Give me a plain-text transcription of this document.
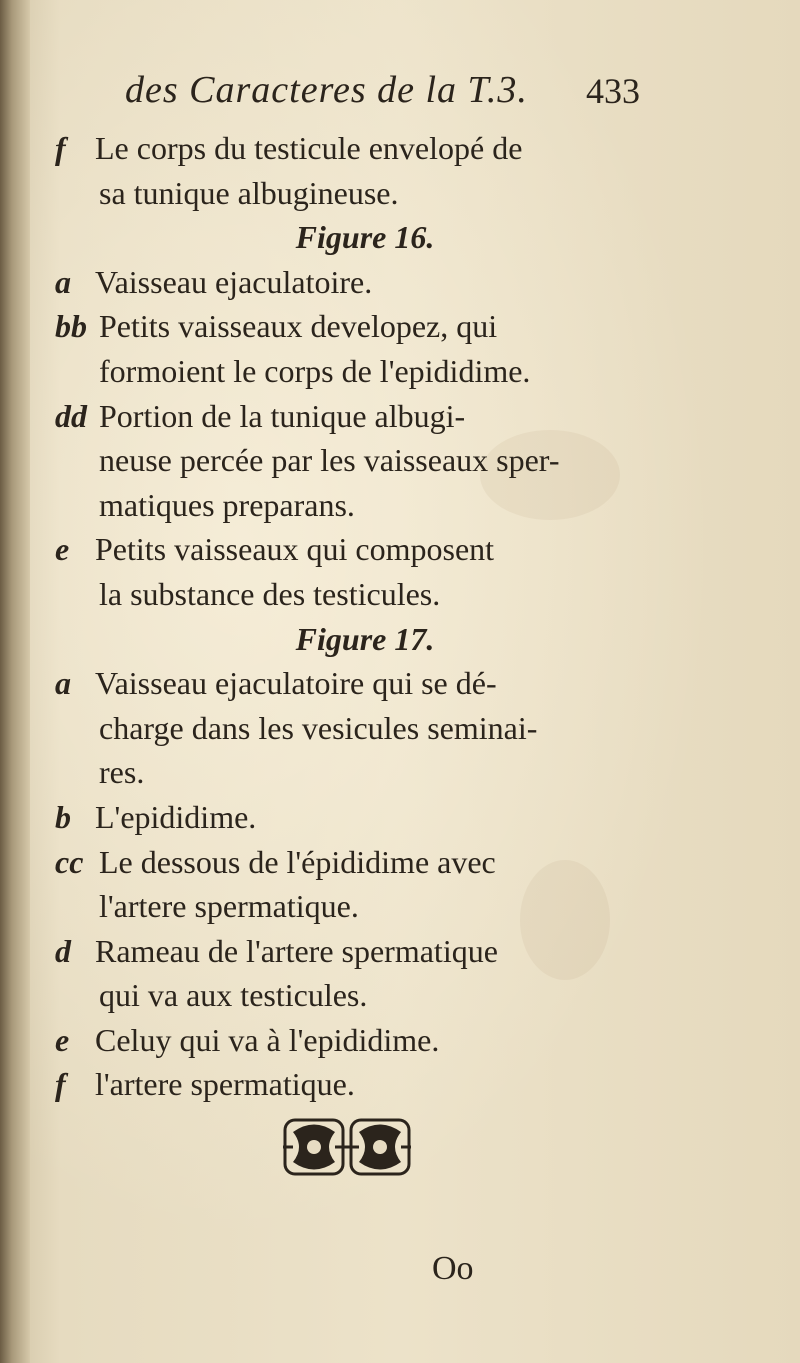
des Caracteres de la T.3. 433
f Le corps du testicule envelopé de
sa tunique albugineuse.
Figure 16.
a Vaisseau ejaculatoire.
bb Petits vaisseaux developez, qui
formoient le corps de l'epididime.
dd Portion de la tunique albugi-
neuse percée par les vaisseaux sper-
matiques preparans.
e Petits vaisseaux qui composent
la substance des testicules.
Figure 17.
a Vaisseau ejaculatoire qui se dé-
charge dans les vesicules seminai-
res.
b L'epididime.
cc Le dessous de l'épididime avec
l'artere spermatique.
d Rameau de l'artere spermatique
qui va aux testicules.
e Celuy qui va à l'epididime.
f l'artere spermatique.
Oo
